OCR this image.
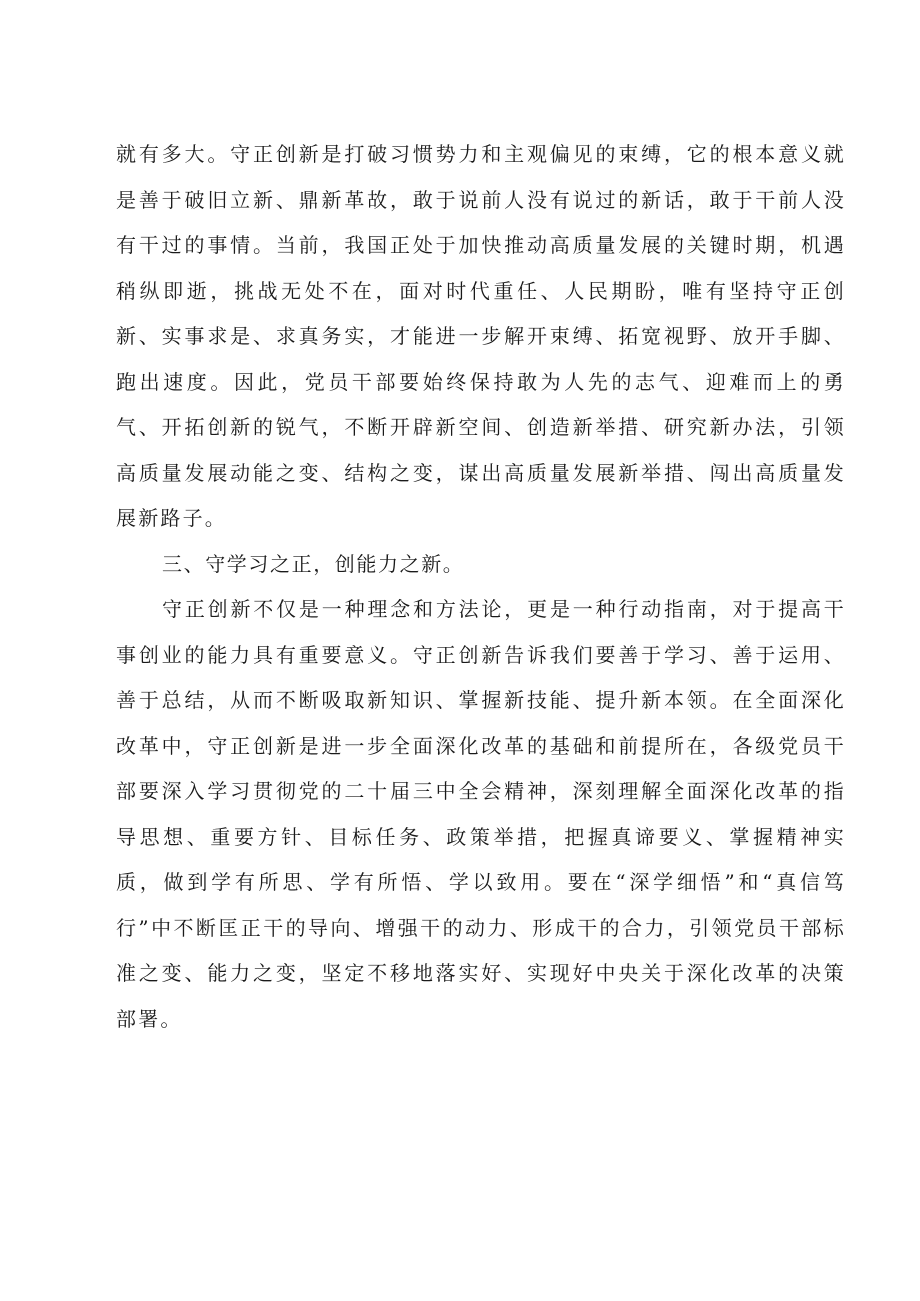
就有多大。守正创新是打破习惯势力和主观偏见的束缚，它的根本意义就是善于破旧立新、鼎新革故，敢于说前人没有说过的新话，敢于干前人没有干过的事情。当前，我国正处于加快推动高质量发展的关键时期，机遇稍纵即逝，挑战无处不在，面对时代重任、人民期盼，唯有坚持守正创新、实事求是、求真务实，才能进一步解开束缚、拓宽视野、放开手脚、跑出速度。因此，党员干部要始终保持敢为人先的志气、迎难而上的勇气、开拓创新的锐气，不断开辟新空间、创造新举措、研究新办法，引领高质量发展动能之变、结构之变，谋出高质量发展新举措、闯出高质量发展新路子。

三、守学习之正，创能力之新。

守正创新不仅是一种理念和方法论，更是一种行动指南，对于提高干事创业的能力具有重要意义。守正创新告诉我们要善于学习、善于运用、善于总结，从而不断吸取新知识、掌握新技能、提升新本领。在全面深化改革中，守正创新是进一步全面深化改革的基础和前提所在，各级党员干部要深入学习贯彻党的二十届三中全会精神，深刻理解全面深化改革的指导思想、重要方针、目标任务、政策举措，把握真谛要义、掌握精神实质，做到学有所思、学有所悟、学以致用。要在“深学细悟”和“真信笃行”中不断匡正干的导向、增强干的动力、形成干的合力，引领党员干部标准之变、能力之变，坚定不移地落实好、实现好中央关于深化改革的决策部署。
